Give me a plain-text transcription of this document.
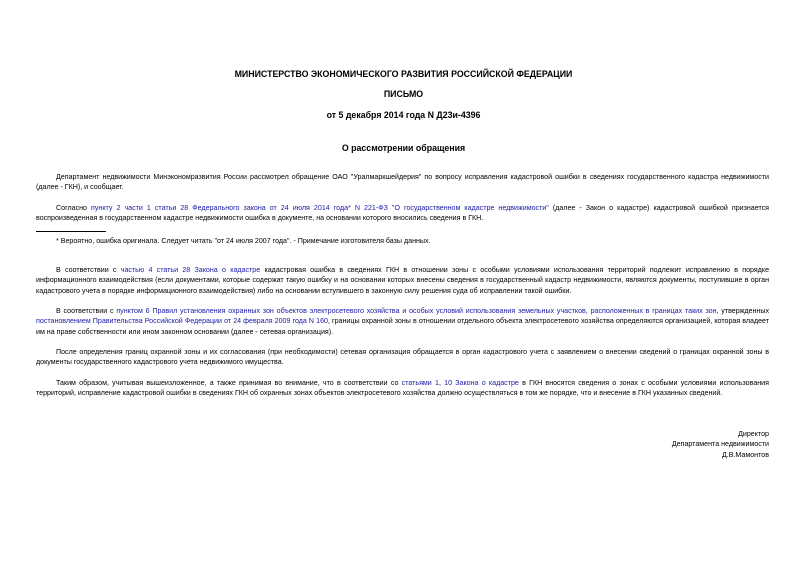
МИНИСТЕРСТВО ЭКОНОМИЧЕСКОГО РАЗВИТИЯ РОССИЙСКОЙ ФЕДЕРАЦИИ
ПИСЬМО
от 5 декабря 2014 года N Д23и-4396
О рассмотрении обращения
Департамент недвижимости Минэкономразвития России рассмотрел обращение ОАО "Уралмаркшейдерия" по вопросу исправления кадастровой ошибки в сведениях государственного кадастра недвижимости (далее - ГКН), и сообщает.
Согласно пункту 2 части 1 статьи 28 Федерального закона от 24 июля 2014 года* N 221-ФЗ "О государственном кадастре недвижимости" (далее - Закон о кадастре) кадастровой ошибкой признается воспроизведенная в государственном кадастре недвижимости ошибка в документе, на основании которого вносились сведения в ГКН.
* Вероятно, ошибка оригинала. Следует читать "от 24 июля 2007 года". - Примечание изготовителя базы данных.
В соответствии с частью 4 статьи 28 Закона о кадастре кадастровая ошибка в сведениях ГКН в отношении зоны с особыми условиями использования территорий подлежит исправлению в порядке информационного взаимодействия (если документами, которые содержат такую ошибку и на основании которых внесены сведения в государственный кадастр недвижимости, являются документы, поступившие в орган кадастрового учета в порядке информационного взаимодействия) либо на основании вступившего в законную силу решения суда об исправлении такой ошибки.
В соответствии с пунктом 6 Правил установления охранных зон объектов электросетевого хозяйства и особых условий использования земельных участков, расположенных в границах таких зон, утвержденных постановлением Правительства Российской Федерации от 24 февраля 2009 года N 160, границы охранной зоны в отношении отдельного объекта электросетевого хозяйства определяются организацией, которая владеет им на праве собственности или ином законном основании (далее - сетевая организация).
После определения границ охранной зоны и их согласования (при необходимости) сетевая организация обращается в орган кадастрового учета с заявлением о внесении сведений о границах охранной зоны в документы государственного кадастрового учета недвижимого имущества.
Таким образом, учитывая вышеизложенное, а также принимая во внимание, что в соответствии со статьями 1, 10 Закона о кадастре в ГКН вносятся сведения о зонах с особыми условиями использования территорий, исправление кадастровой ошибки в сведениях ГКН об охранных зонах объектов электросетевого хозяйства должно осуществляться в том же порядке, что и внесение в ГКН указанных сведений.
Директор
Департамента недвижимости
Д.В.Мамонтов
